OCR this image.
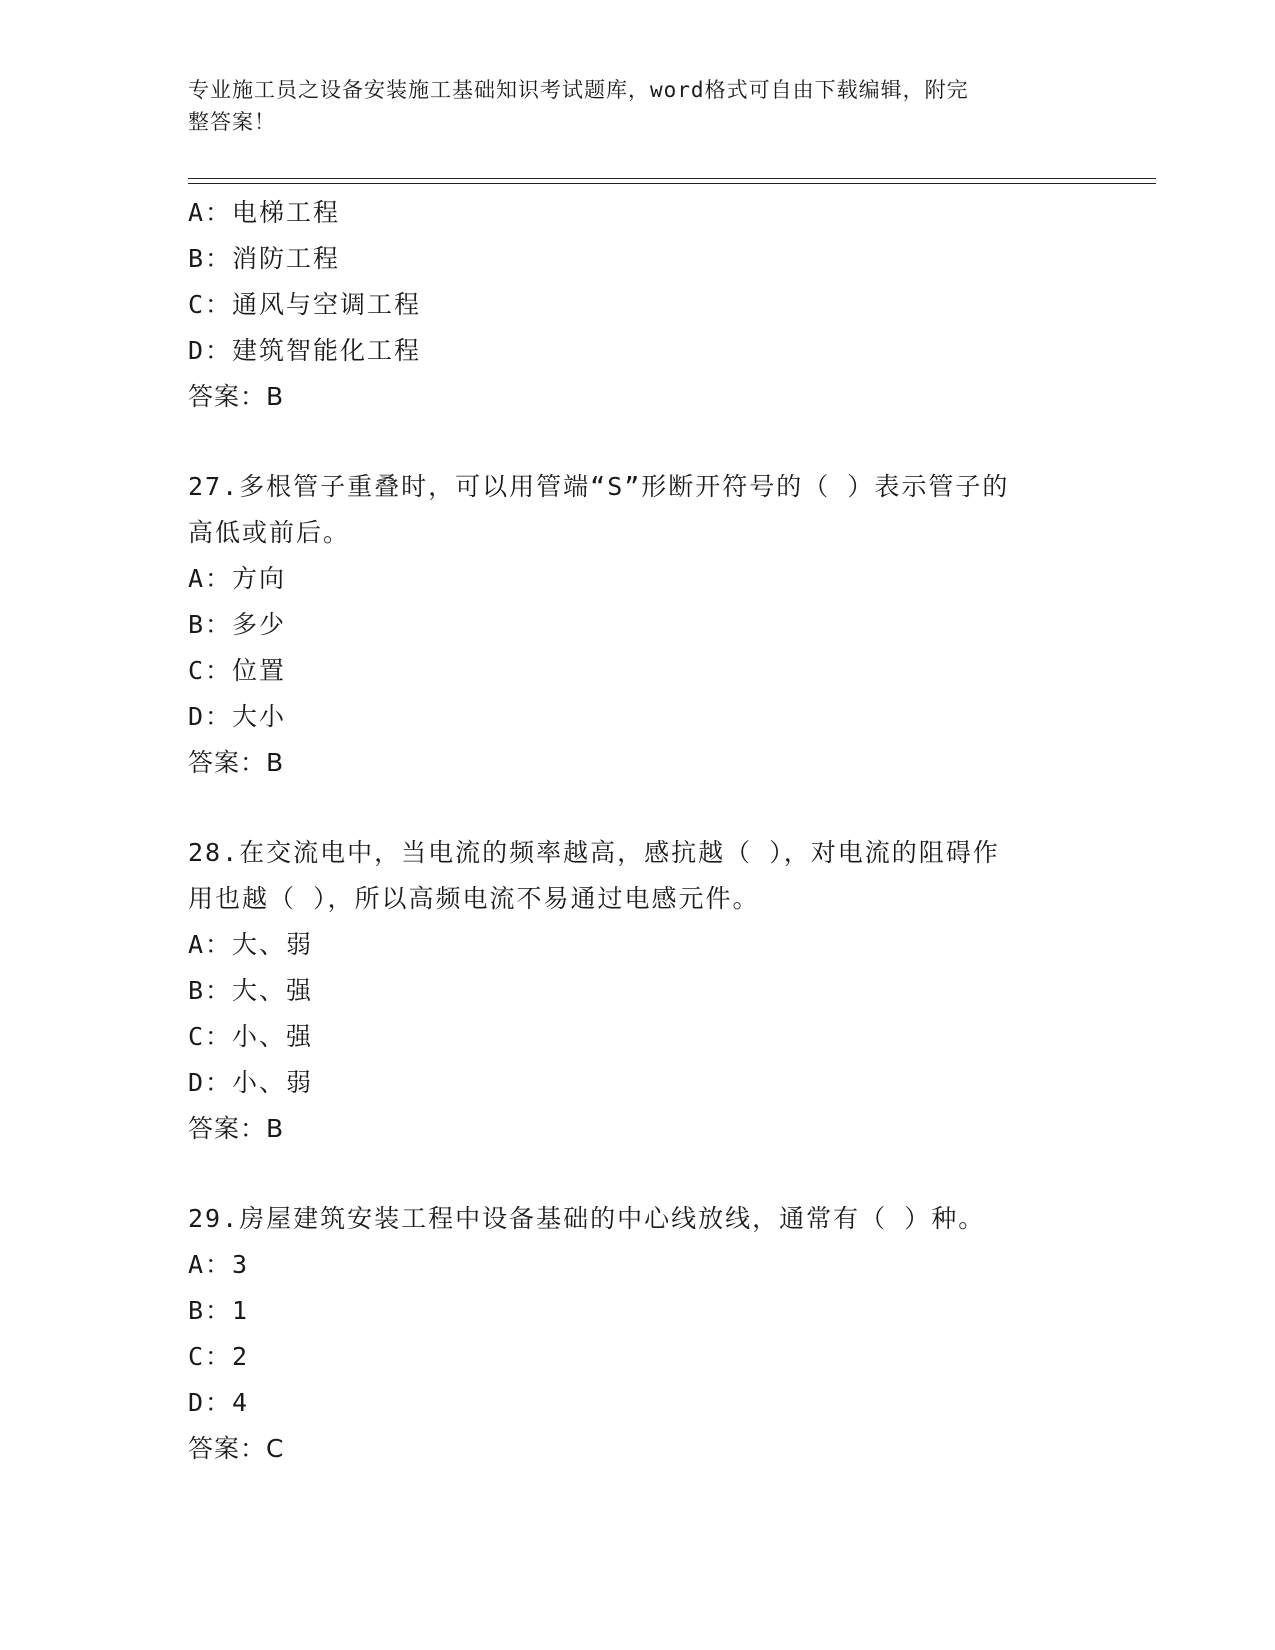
专业施工员之设备安装施工基础知识考试题库，word格式可自由下载编辑，附完
整答案！
A：电梯工程
B：消防工程
C：通风与空调工程
D：建筑智能化工程
答案：B
27.多根管子重叠时，可以用管端“S”形断开符号的（ ）表示管子的
高低或前后。
A：方向
B：多少
C：位置
D：大小
答案：B
28.在交流电中，当电流的频率越高，感抗越（ ），对电流的阻碍作
用也越（ ），所以高频电流不易通过电感元件。
A：大、弱
B：大、强
C：小、强
D：小、弱
答案：B
29.房屋建筑安装工程中设备基础的中心线放线，通常有（ ）种。
A：3
B：1
C：2
D：4
答案：C
